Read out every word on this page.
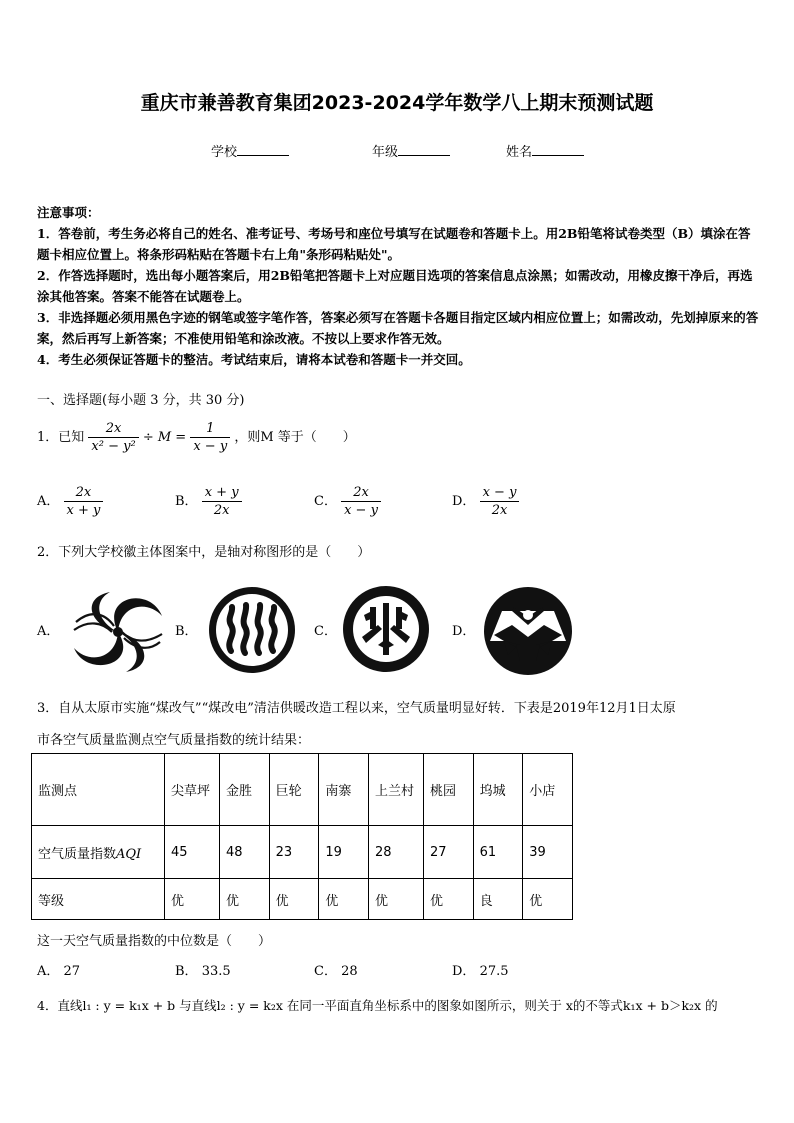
重庆市兼善教育集团2023-2024学年数学八上期末预测试题
学校	年级	姓名

注意事项：

1．答卷前，考生务必将自己的姓名、准考证号、考场号和座位号填写在试题卷和答题卡上。用2B铅笔将试卷类型（B）填涂在答题卡相应位置上。将条形码粘贴在答题卡右上角"条形码粘贴处"。

2．作答选择题时，选出每小题答案后，用2B铅笔把答题卡上对应题目选项的答案信息点涂黑；如需改动，用橡皮擦干净后，再选涂其他答案。答案不能答在试题卷上。

3．非选择题必须用黑色字迹的钢笔或签字笔作答，答案必须写在答题卡各题目指定区域内相应位置上；如需改动，先划掉原来的答案，然后再写上新答案；不准使用铅笔和涂改液。不按以上要求作答无效。

4．考生必须保证答题卡的整洁。考试结束后，请将本试卷和答题卡一并交回。

一、选择题(每小题 3 分，共 30 分)
1．已知 $\frac{2x}{\text{x² − y²}} \div M = \frac{1}{x - y}$ ，则M 等于（　　）
A． $\frac{2x}{x + y}$	B． $\frac{x + y}{2x}$	C． $\frac{2x}{x - y}$	D． $\frac{x - y}{2x}$
2．下列大学校徽主体图案中，是轴对称图形的是（　　）
A．	B．	C．	D．
3．自从太原市实施“煤改气”“煤改电”清洁供暖改造工程以来，空气质量明显好转．下表是2019年12月1日太原
市各空气质量监测点空气质量指数的统计结果：
监测点	尖草坪	金胜	巨轮	南寨	上兰村	桃园	坞城	小店
空气质量指数AQI	45	48	23	19	28	27	61	39
等级	优	优	优	优	优	优	良	优
这一天空气质量指数的中位数是（　　）
A． 27	B． 33.5	C． 28	D． 27.5
4．直线l₁ : y = k₁x + b 与直线l₂ : y = k₂x 在同一平面直角坐标系中的图象如图所示，则关于 x的不等式k₁x + b＞k₂x 的
